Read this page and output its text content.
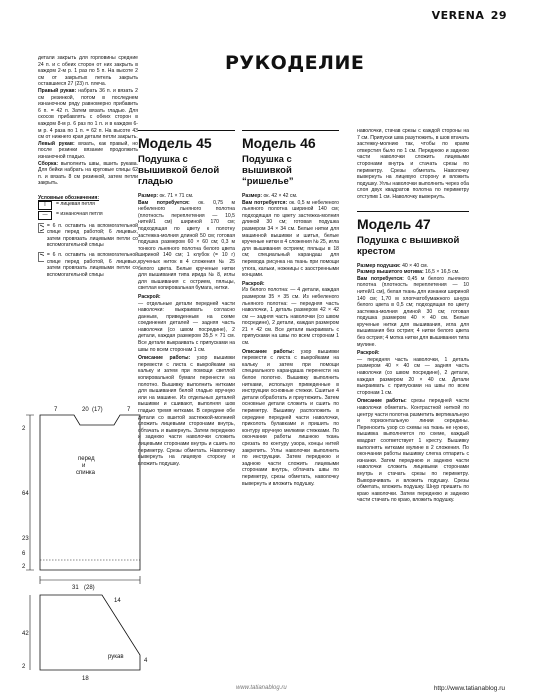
VERENA 29
РУКОДЕЛИЕ
детали закрыть для горловины средние 24 п. и с обеих сторон от них закрыть в каждом 2-м р. 1 раз по 5 п. На высоте 2 см от закрытых петель закрыть оставшиеся 27 (23) п. плеча.
Правый рукав: набрать 36 п. и вязать 2 см резинкой, потом в последнем изнаночном ряду равномерно прибавить 6 п. = 42 п. Затем вязать гладью. Для скосов прибавлять с обеих сторон в каждом 8-м р. 6 раз по 1 п. и в каждом 6-м р. 4 раза по 1 п. = 62 п. На высоте 43 см от нижнего края детали петли закрыть.
Левый рукав: вязать, как правый, но после резинки вязание продолжить изнаночной гладью.
Сборка: выполнить швы, вшить рукава. Для бейки набрать на круговые спицы 62 п. и вязать 8 см резинкой, затем петли закрыть.
Условные обозначения:
I	= лицевая петля
—	= изнаночная петля
= 6 п. оставить на вспомогательной спице перед работой; 6 лицевых, затем провязать лицевыми петли со вспомогательной спицы
= 6 п. оставить на вспомогательной спице перед работой, 6 лицевых, затем провязать лицевыми петли со вспомогательной спицы
20 (17)
7	7
перед
и
спинка
2
64
23
6
2
31 (28)
14
42
рукав
2
18
4
Модель 45
Подушка с вышивкой белой гладью
Размер: ок. 71 × 71 см.
Вам потребуется: ок. 0,75 м небеленого льняного полотна (плотность переплетения — 10,5 нитей/1 см) шириной 170 см; подходящая по цвету к полотну застежка-молния длиной 50 см; готовая подушка размером 60 × 60 см; 0,3 м тонкого льняного полотна белого цвета шириной 140 см; 1 клубок (= 10 г) крученых ниток в 4 сложения № 25 белого цвета. Белые крученые нитки для вышивания типа ирида № 8, иглы для вышивания с острием, пяльцы, светлая копировальная бумага, нитки.
Раскрой:
— отдельные детали передней части наволочки: выкраивать согласно данным, приведенным на схеме соединения деталей — задняя часть наволочки (со швом посредине), 2 детали, каждая размером 35,5 × 71 см. Все детали выкраивать с припусками на швы по всем сторонам 1 см.
Описание работы: узор вышивки перевести с листа с выкройками на кальку и затем при помощи светлой копировальной бумаги перенести на полотно. Вышивку выполнить нитками для вышивания белой гладью вручную или на машине. Из отдельных деталей вышивки и сшивают, выполняя шов гладью тремя нитками. В середине обе детали со вшитой застежкой-молнией сложить лицевыми сторонами внутрь, обтачать и вывернуть. Затем переднюю и заднюю части наволочки сложить лицевыми сторонами внутрь и сшить по периметру. Срезы обметать. Наволочку вывернуть на лицевую сторону и вложить подушку.
Модель 46
Подушка с вышивкой “ришелье”
Размер: ок. 42 × 42 см.
Вам потребуется: ок. 0,5 м небеленого льняного полотна шириной 140 см; подходящая по цвету застежка-молния длиной 30 см; готовая подушка размером 34 × 34 см. Белые нитки для машинной вышивки и шитья, белые крученые нитки в 4 сложения № 25, игла для вышивания острием; пяльцы в 18 см; специальный карандаш для перевода рисунка на ткань при помощи утюга, кальки, ножницы с заостренными концами.
Раскрой:
Из белого полотна: — 4 детали, каждая размером 35 × 35 см. Из небеленого льняного полотна: — передняя часть наволочки, 1 деталь размером 42 × 42 см — задняя часть наволочки (со швом посредине), 2 детали, каждая размером 21 × 42 см. Все детали выкраивать с припусками на швы по всем сторонам 1 см.
Описание работы: узор вышивки перевести с листа с выкройками на кальку и затем при помощи специального карандаша перенести на белое полотно. Вышивку выполнить нитками, используя приведенные в инструкции основные стежки. Сшитые 4 детали обработать и приутюжить. Затем основные детали сложить и сшить по периметру. Вышивку расположить в середине передней части наволочки, приколоть булавками и пришить по контуру вручную мелкими стежками. По окончании работы лишнюю ткань срезать по контуру узора, концы нитей закрепить. Углы наволочки выполнить по инструкции. Затем переднюю и заднюю части сложить лицевыми сторонами внутрь, обтачать швы по периметру, срезы обметать, наволочку вывернуть и вложить подушку.
наволочки, стачав срезы с каждой стороны на 7 см. Припуски шва разутюжить, в шов втачать застежку-молнию так, чтобы по краям отверстия было по 1 см. Переднюю и заднюю части наволочки сложить лицевыми сторонами внутрь и стачать срезы по периметру. Срезы обметать. Наволочку вывернуть на лицевую сторону и вложить подушку. Углы наволочки выполнить через оба слоя двух квадратов полотна по периметру отступив 1 см. Наволочку вывернуть.
Модель 47
Подушка с вышивкой крестом
Размер подушки: 40 × 40 см.
Размер вышитого мотива: 16,5 × 16,5 см.
Вам потребуется: 0,45 м белого льняного полотна (плотность переплетения — 10 нитей/1 см), белая ткань для изнанки шириной 140 см; 1,70 м хлопчатобумажного шнура белого цвета в 0,5 см; подходящая по цвету застежка-молния длиной 30 см; готовая подушка размером 40 × 40 см. Белые крученые нитки для вышивания, игла для вышивания без острия; 4 нитки белого цвета без острия; 4 мотка нитки для вышивания типа мулине.
Раскрой:
— передняя часть наволочки, 1 деталь размером 40 × 40 см — задняя часть наволочки (со швом посредине), 2 детали, каждая размером 20 × 40 см. Детали выкраивать с припусками на швы по всем сторонам 1 см.
Описание работы: срезы передней части наволочки обметать. Контрастной ниткой по центру части полотна разметить вертикальную и горизонтальную линии середины. Переносить узор со схемы на ткань не нужно, вышивка выполняется по схеме, каждый квадрат соответствует 1 кресту. Вышивку выполнять нитками мулине в 2 сложения. По окончании работы вышивку слегка отпарить с изнанки. Затем переднюю и заднюю части наволочки сложить лицевыми сторонами внутрь и стачать срезы по периметру. Выворачивать и вложить подушку. Срезы обметать, вложить подушку. Шнур пришить по краю наволочки. Затем переднюю и заднюю части стачать по краю, вложить подушку.
www.tatianablog.ru	http://www.tatianablog.ru
